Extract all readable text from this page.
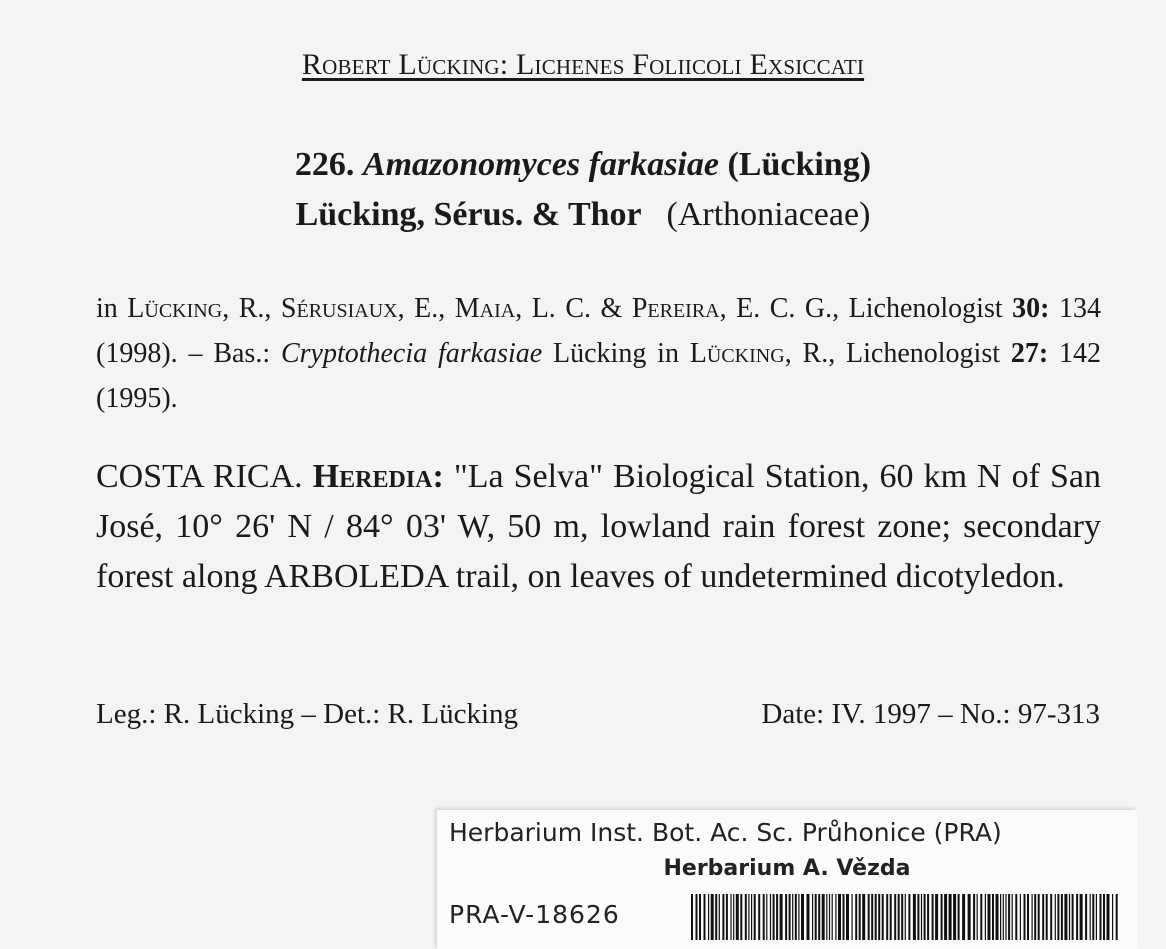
Robert Lücking: Lichenes Foliicoli Exsiccati
226. Amazonomyces farkasiae (Lücking)
Lücking, Sérus. & Thor (Arthoniaceae)
in Lücking, R., Sérusiaux, E., Maia, L. C. & Pereira, E. C. G., Lichenologist 30: 134 (1998). – Bas.: Cryptothecia farkasiae Lücking in Lücking, R., Lichenologist 27: 142 (1995).
COSTA RICA. Heredia: "La Selva" Biological Station, 60 km N of San José, 10° 26' N / 84° 03' W, 50 m, lowland rain forest zone; secondary forest along ARBOLEDA trail, on leaves of undetermined dicotyledon.
Leg.: R. Lücking – Det.: R. Lücking	Date: IV. 1997 – No.: 97-313
Herbarium Inst. Bot. Ac. Sc. Průhonice (PRA)
Herbarium A. Vězda
PRA-V-18626
